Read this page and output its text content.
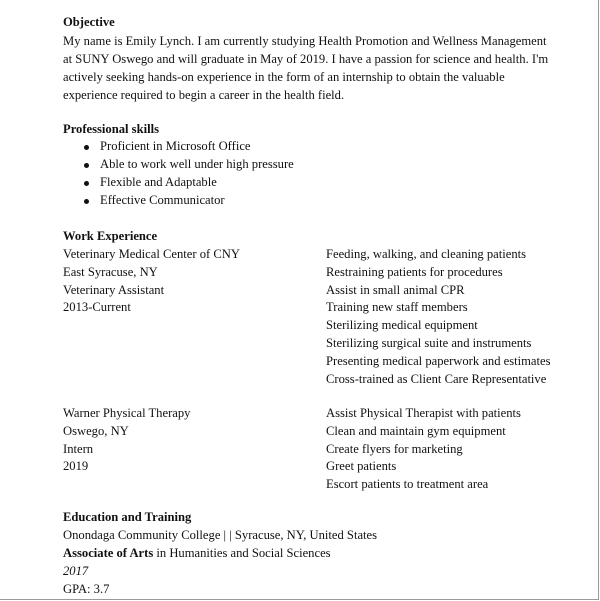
Objective
My name is Emily Lynch. I am currently studying Health Promotion and Wellness Management
at SUNY Oswego and will graduate in May of 2019. I have a passion for science and health. I'm
actively seeking hands-on experience in the form of an internship to obtain the valuable
experience required to begin a career in the health field.
Professional skills
Proficient in Microsoft Office
Able to work well under high pressure
Flexible and Adaptable
Effective Communicator
Work Experience
Veterinary Medical Center of CNY
East Syracuse, NY
Veterinary Assistant
2013-Current
Feeding, walking, and cleaning patients
Restraining patients for procedures
Assist in small animal CPR
Training new staff members
Sterilizing medical equipment
Sterilizing surgical suite and instruments
Presenting medical paperwork and estimates
Cross-trained as Client Care Representative
Warner Physical Therapy
Oswego, NY
Intern
2019
Assist Physical Therapist with patients
Clean and maintain gym equipment
Create flyers for marketing
Greet patients
Escort patients to treatment area
Education and Training
Onondaga Community College | | Syracuse, NY, United States
Associate of Arts in Humanities and Social Sciences
2017
GPA: 3.7
